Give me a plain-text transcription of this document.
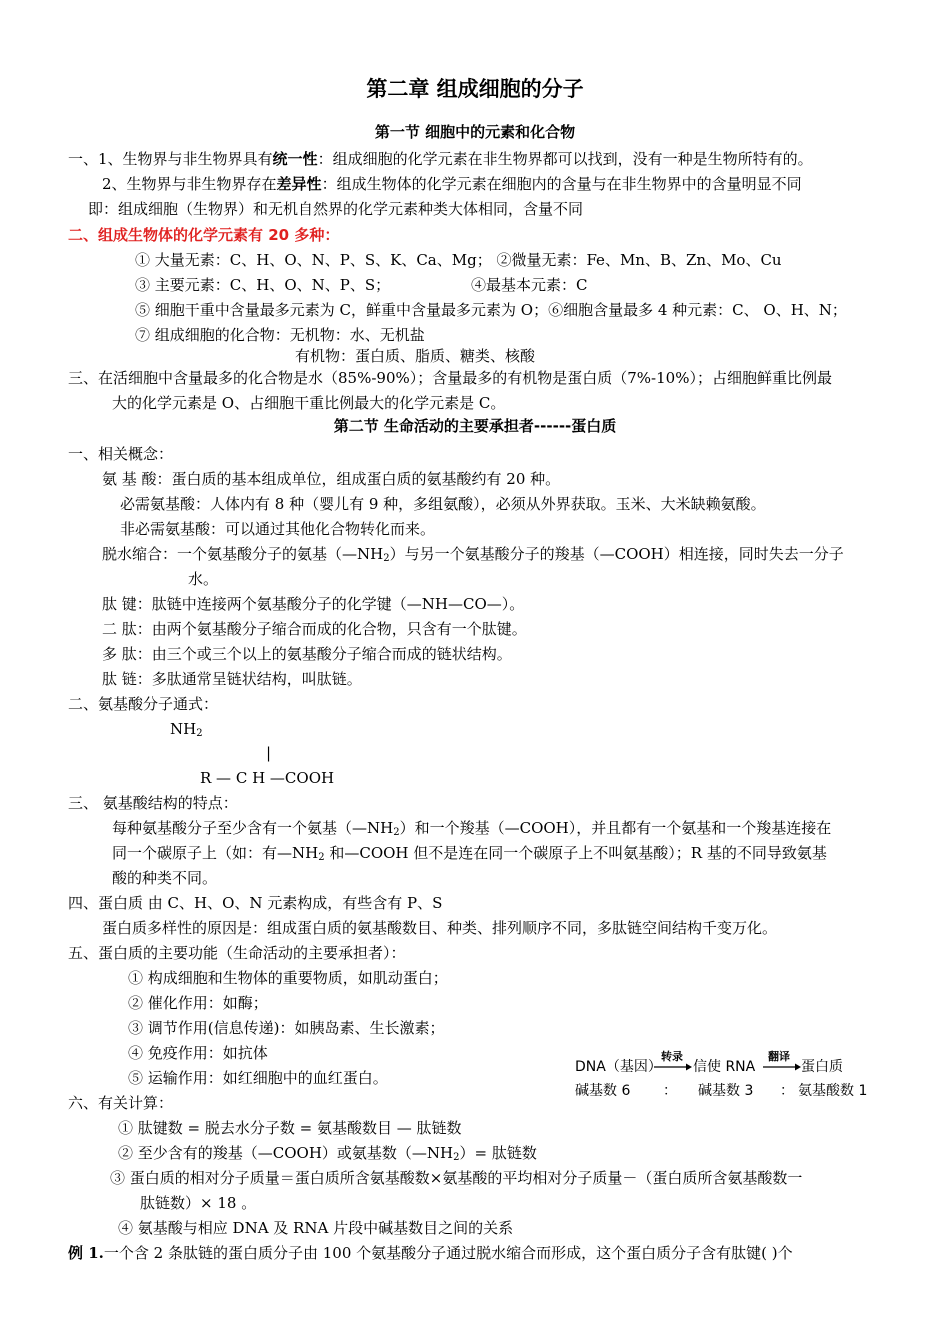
第二章 组成细胞的分子
第一节 细胞中的元素和化合物
一、1、生物界与非生物界具有统一性：组成细胞的化学元素在非生物界都可以找到，没有一种是生物所特有的。
2、生物界与非生物界存在差异性：组成生物体的化学元素在细胞内的含量与在非生物界中的含量明显不同
即：组成细胞（生物界）和无机自然界的化学元素种类大体相同，含量不同
二、组成生物体的化学元素有 20 多种：
① 大量无素：C、H、O、N、P、S、K、Ca、Mg； ②微量无素：Fe、Mn、B、Zn、Mo、Cu
③ 主要元素：C、H、O、N、P、S；	④最基本元素：C
⑤ 细胞干重中含量最多元素为 C，鲜重中含量最多元素为 O；⑥细胞含量最多 4 种元素：C、 O、H、N；
⑦ 组成细胞的化合物：无机物：水、无机盐
有机物：蛋白质、脂质、糖类、核酸
三、在活细胞中含量最多的化合物是水（85%-90%）；含量最多的有机物是蛋白质（7%-10%）；占细胞鲜重比例最
大的化学元素是 O、占细胞干重比例最大的化学元素是 C。
第二节 生命活动的主要承担者------蛋白质
一、相关概念：
氨 基 酸：蛋白质的基本组成单位，组成蛋白质的氨基酸约有 20 种。
必需氨基酸：人体内有 8 种（婴儿有 9 种，多组氨酸），必须从外界获取。玉米、大米缺赖氨酸。
非必需氨基酸：可以通过其他化合物转化而来。
脱水缩合：一个氨基酸分子的氨基$(—NH_2)$与另一个氨基酸分子的羧基（—COOH）相连接，同时失去一分子
水。
肽 键：肽链中连接两个氨基酸分子的化学键（—NH—CO—）。
二 肽：由两个氨基酸分子缩合而成的化合物，只含有一个肽键。
多 肽：由三个或三个以上的氨基酸分子缩合而成的链状结构。
肽 链：多肽通常呈链状结构，叫肽链。
二、氨基酸分子通式：
$NH_2$
|
R — C H —COOH
三、 氨基酸结构的特点：
每种氨基酸分子至少含有一个氨基$(—NH_2)$和一个羧基（—COOH），并且都有一个氨基和一个羧基连接在
同一个碳原子上（如：有$—NH_2$ 和—COOH 但不是连在同一个碳原子上不叫氨基酸）；R 基的不同导致氨基
酸的种类不同。
四、蛋白质 由 C、H、O、N 元素构成，有些含有 P、S
蛋白质多样性的原因是：组成蛋白质的氨基酸数目、种类、排列顺序不同，多肽链空间结构千变万化。
五、蛋白质的主要功能（生命活动的主要承担者）：
① 构成细胞和生物体的重要物质，如肌动蛋白；
② 催化作用：如酶；
③ 调节作用(信息传递)：如胰岛素、生长激素；
④ 免疫作用：如抗体
⑤ 运输作用：如红细胞中的血红蛋白。
DNA（基因）
转录
信使 RNA
翻译
蛋白质
碱基数 6 ： 碱基数 3 ： 氨基酸数 1
六、有关计算：
① 肽键数 = 脱去水分子数 = 氨基酸数目 — 肽链数
② 至少含有的羧基（—COOH）或氨基数$(—NH_2)=$ 肽链数
③ 蛋白质的相对分子质量＝蛋白质所含氨基酸数×氨基酸的平均相对分子质量－（蛋白质所含氨基酸数一
肽链数）× 18 。
④ 氨基酸与相应 DNA 及 RNA 片段中碱基数目之间的关系
例 1.一个含 2 条肽链的蛋白质分子由 100 个氨基酸分子通过脱水缩合而形成，这个蛋白质分子含有肽键( )个
